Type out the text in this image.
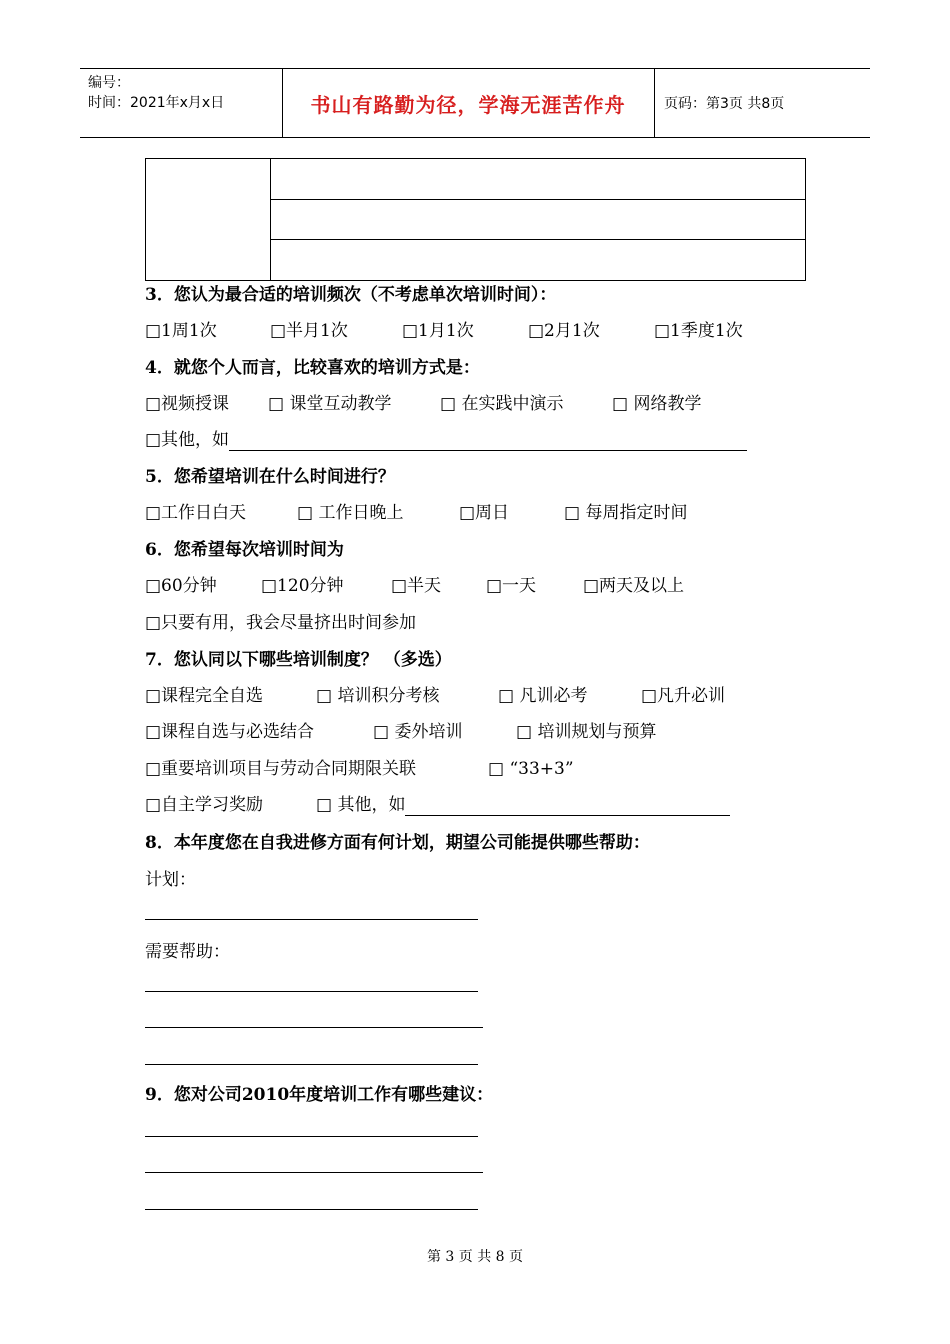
编号：
时间：2021年x月x日	书山有路勤为径，学海无涯苦作舟	页码：第3页 共8页
3．您认为最合适的培训频次（不考虑单次培训时间）：
□1周1次	□半月1次	□1月1次	□2月1次	□1季度1次
4．就您个人而言，比较喜欢的培训方式是：
□视频授课 □ 课堂互动教学	□ 在实践中演示	□ 网络教学
□其他，如
5．您希望培训在什么时间进行？
□工作日白天	□ 工作日晚上	□周日	□ 每周指定时间
6．您希望每次培训时间为
□60分钟	□120分钟	□半天	□一天	□两天及以上
□只要有用，我会尽量挤出时间参加
7．您认同以下哪些培训制度？ （多选）
□课程完全自选	□ 培训积分考核	□ 凡训必考	□凡升必训
□课程自选与必选结合	□ 委外培训	□ 培训规划与预算
□重要培训项目与劳动合同期限关联	□ “33+3”
□自主学习奖励	□ 其他，如
8．本年度您在自我进修方面有何计划，期望公司能提供哪些帮助：
计划：
需要帮助：
9．您对公司2010年度培训工作有哪些建议：
第 3 页 共 8 页
